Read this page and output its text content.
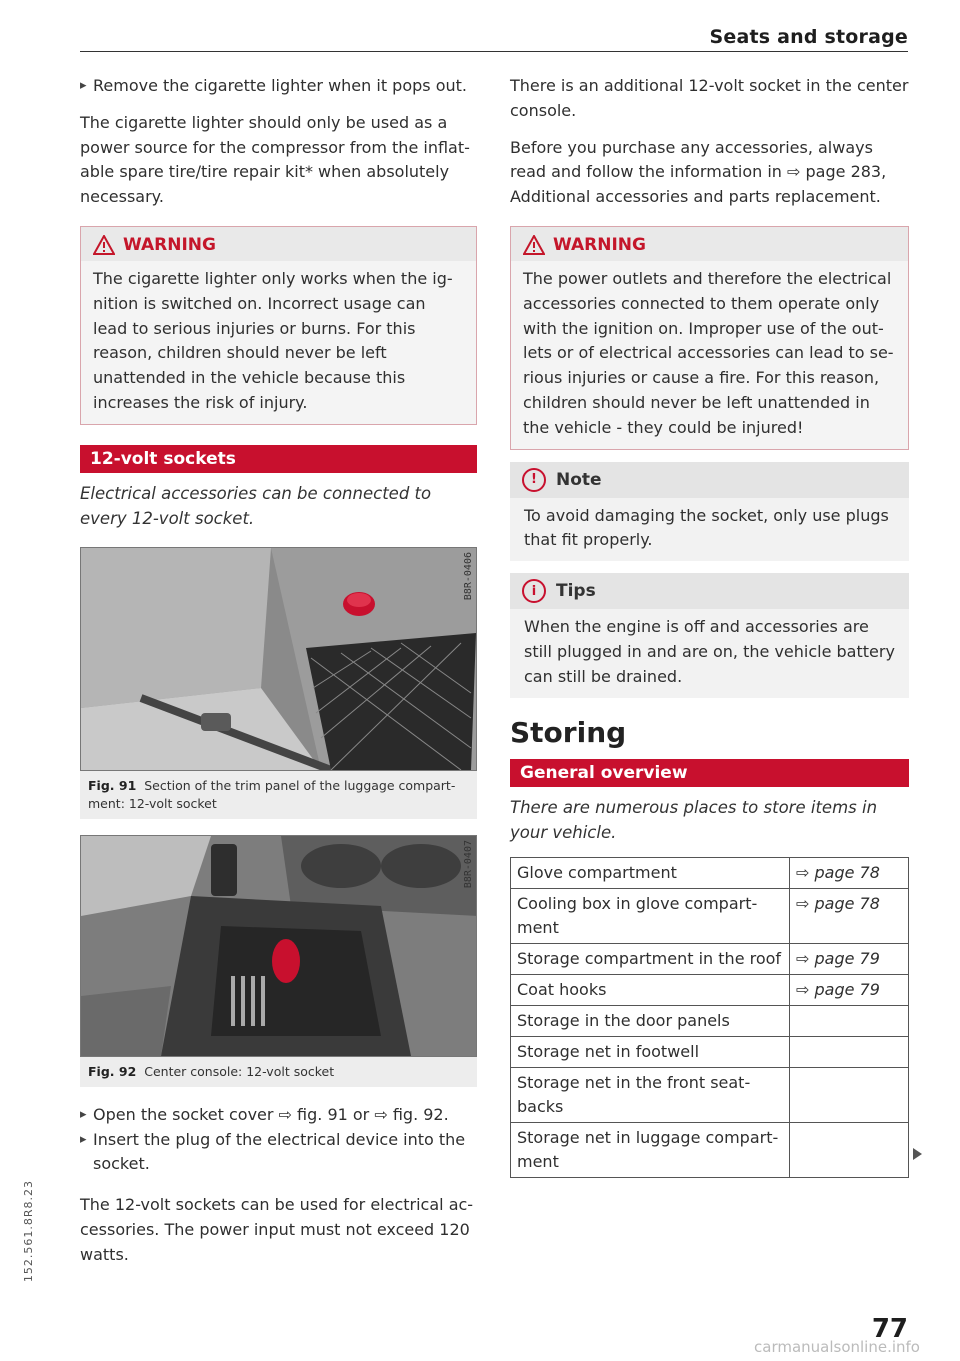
Seats and storage
▸ Remove the cigarette lighter when it pops out.

The cigarette lighter should only be used as a power source for the compressor from the inflatable spare tire/tire repair kit* when absolutely necessary.

WARNING
The cigarette lighter only works when the ignition is switched on. Incorrect usage can lead to serious injuries or burns. For this reason, children should never be left unattended in the vehicle because this increases the risk of injury.
12-volt sockets

Electrical accessories can be connected to every 12-volt socket.

B8R-0406
Fig. 91 Section of the trim panel of the luggage compartment: 12-volt socket
B8R-0407
Fig. 92 Center console: 12-volt socket
▸ Open the socket cover ⇨ fig. 91 or ⇨ fig. 92.
▸ Insert the plug of the electrical device into the socket.

The 12-volt sockets can be used for electrical accessories. The power input must not exceed 120 watts.

There is an additional 12-volt socket in the center console.

Before you purchase any accessories, always read and follow the information in ⇨ page 283, Additional accessories and parts replacement.

WARNING
The power outlets and therefore the electrical accessories connected to them operate only with the ignition on. Improper use of the outlets or of electrical accessories can lead to serious injuries or cause a fire. For this reason, children should never be left unattended in the vehicle - they could be injured!
!	Note
To avoid damaging the socket, only use plugs that fit properly.
i	Tips
When the engine is off and accessories are still plugged in and are on, the vehicle battery can still be drained.
Storing
General overview

There are numerous places to store items in your vehicle.

Glove compartment	⇨ page 78
Cooling box in glove compartment	⇨ page 78
Storage compartment in the roof	⇨ page 79
Coat hooks	⇨ page 79
Storage in the door panels	
Storage net in footwell	
Storage net in the front seatbacks	
Storage net in luggage compartment	
77
152.561.8R8.23
carmanualsonline.info
